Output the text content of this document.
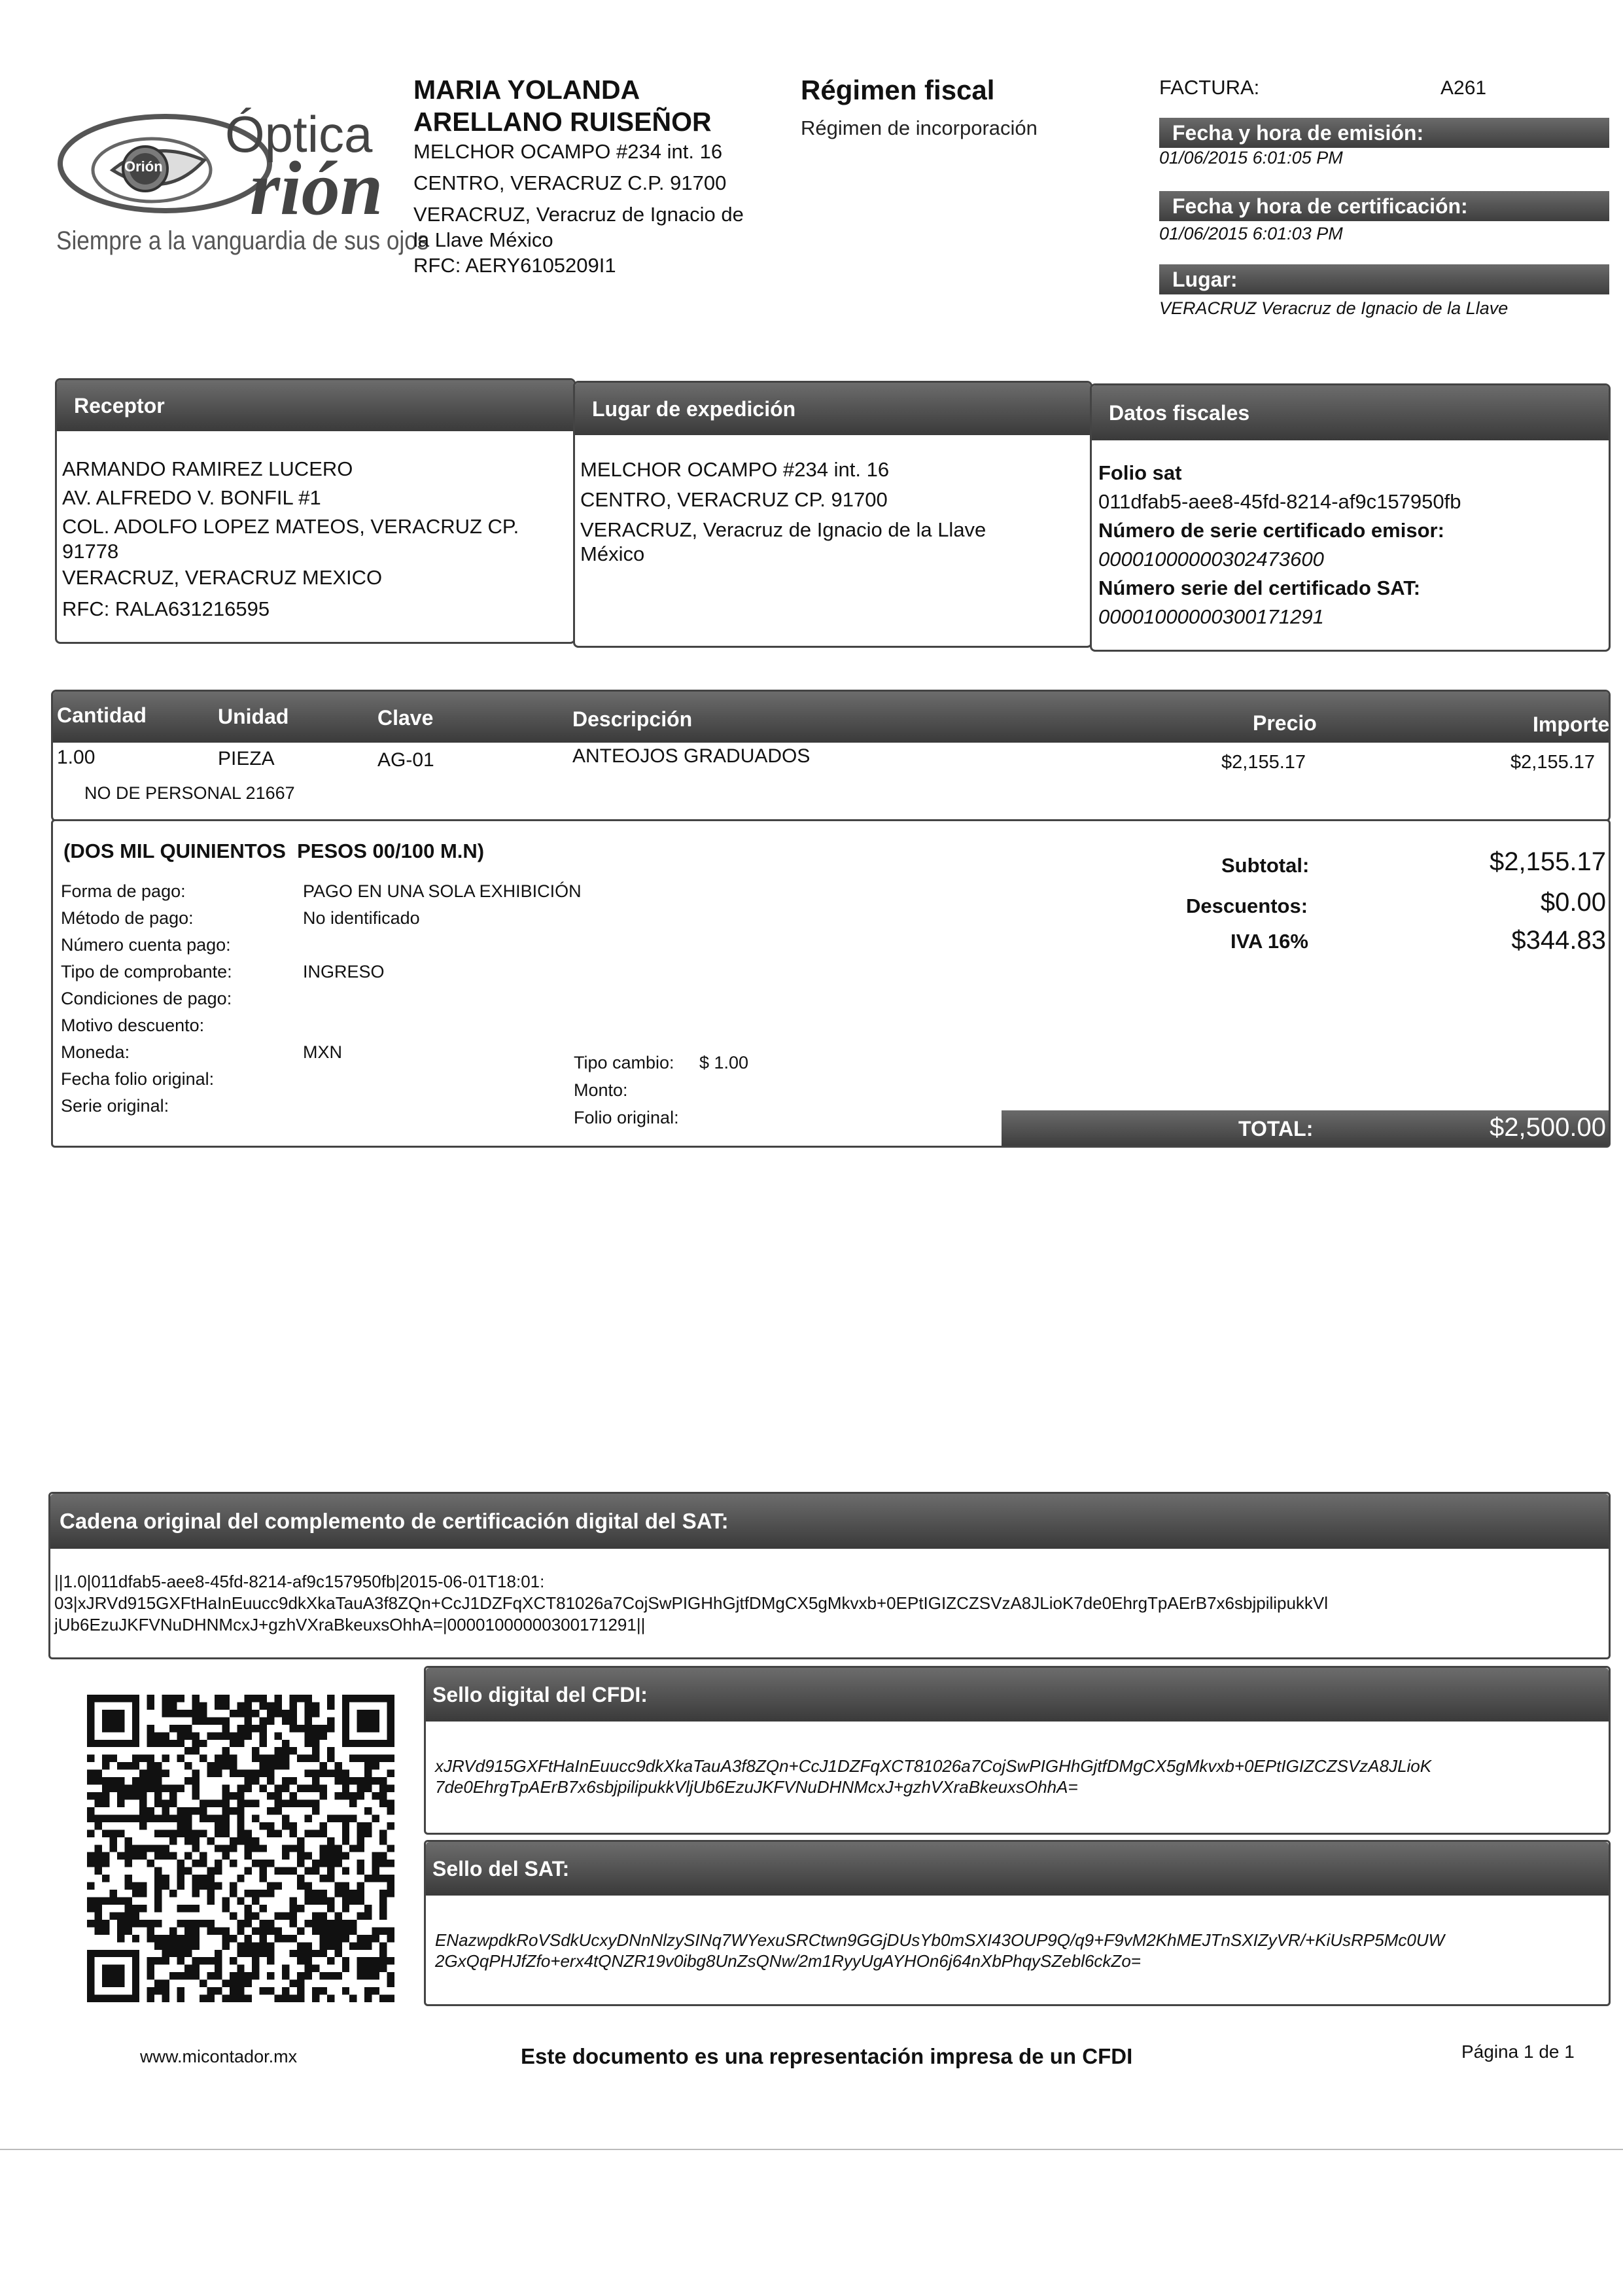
Orión
Óptica
rión
Siempre a la vanguardia de sus ojos
MARIA YOLANDA
ARELLANO RUISEÑOR
MELCHOR OCAMPO #234 int. 16
CENTRO, VERACRUZ C.P. 91700
VERACRUZ, Veracruz de Ignacio de
la Llave México
RFC: AERY6105209I1
Régimen fiscal
Régimen de incorporación
FACTURA:	A261
Fecha y hora de emisión:
01/06/2015 6:01:05 PM
Fecha y hora de certificación:
01/06/2015 6:01:03 PM
Lugar:
VERACRUZ Veracruz de Ignacio de la Llave
Receptor
ARMANDO RAMIREZ LUCERO
AV. ALFREDO V. BONFIL #1
COL. ADOLFO LOPEZ MATEOS, VERACRUZ CP.
91778
VERACRUZ, VERACRUZ MEXICO
RFC: RALA631216595
Lugar de expedición
MELCHOR OCAMPO #234 int. 16
CENTRO, VERACRUZ CP. 91700
VERACRUZ, Veracruz de Ignacio de la Llave
México
Datos fiscales
Folio sat
011dfab5-aee8-45fd-8214-af9c157950fb
Número de serie certificado emisor:
00001000000302473600
Número serie del certificado SAT:
00001000000300171291
Cantidad	Unidad	Clave	Descripción	Precio	Importe
1.00	PIEZA	AG-01	ANTEOJOS GRADUADOS	$2,155.17	$2,155.17
NO DE PERSONAL 21667
(DOS MIL QUINIENTOS  PESOS 00/100 M.N)
Forma de pago:	PAGO EN UNA SOLA EXHIBICIÓN
Método de pago:	No identificado
Número cuenta pago:
Tipo de comprobante:	INGRESO
Condiciones de pago:
Motivo descuento:
Moneda:	MXN
Fecha folio original:
Serie original:
Tipo cambio: $ 1.00
Monto:
Folio original:
Subtotal:	$2,155.17
Descuentos:	$0.00
IVA 16%	$344.83
TOTAL:	$2,500.00
Cadena original del complemento de certificación digital del SAT:
||1.0|011dfab5-aee8-45fd-8214-af9c157950fb|2015-06-01T18:01:
03|xJRVd915GXFtHaInEuucc9dkXkaTauA3f8ZQn+CcJ1DZFqXCT81026a7CojSwPIGHhGjtfDMgCX5gMkvxb+0EPtIGIZCZSVzA8JLioK7de0EhrgTpAErB7x6sbjpilipukkVl
jUb6EzuJKFVNuDHNMcxJ+gzhVXraBkeuxsOhhA=|00001000000300171291||
Sello digital del CFDI:
xJRVd915GXFtHaInEuucc9dkXkaTauA3f8ZQn+CcJ1DZFqXCT81026a7CojSwPIGHhGjtfDMgCX5gMkvxb+0EPtIGIZCZSVzA8JLioK
7de0EhrgTpAErB7x6sbjpilipukkVljUb6EzuJKFVNuDHNMcxJ+gzhVXraBkeuxsOhhA=
Sello del SAT:
ENazwpdkRoVSdkUcxyDNnNlzySINq7WYexuSRCtwn9GGjDUsYb0mSXI43OUP9Q/q9+F9vM2KhMEJTnSXIZyVR/+KiUsRP5Mc0UW
2GxQqPHJfZfo+erx4tQNZR19v0ibg8UnZsQNw/2m1RyyUgAYHOn6j64nXbPhqySZebl6ckZo=
www.micontador.mx	Este documento es una representación impresa de un CFDI	Página 1 de 1
